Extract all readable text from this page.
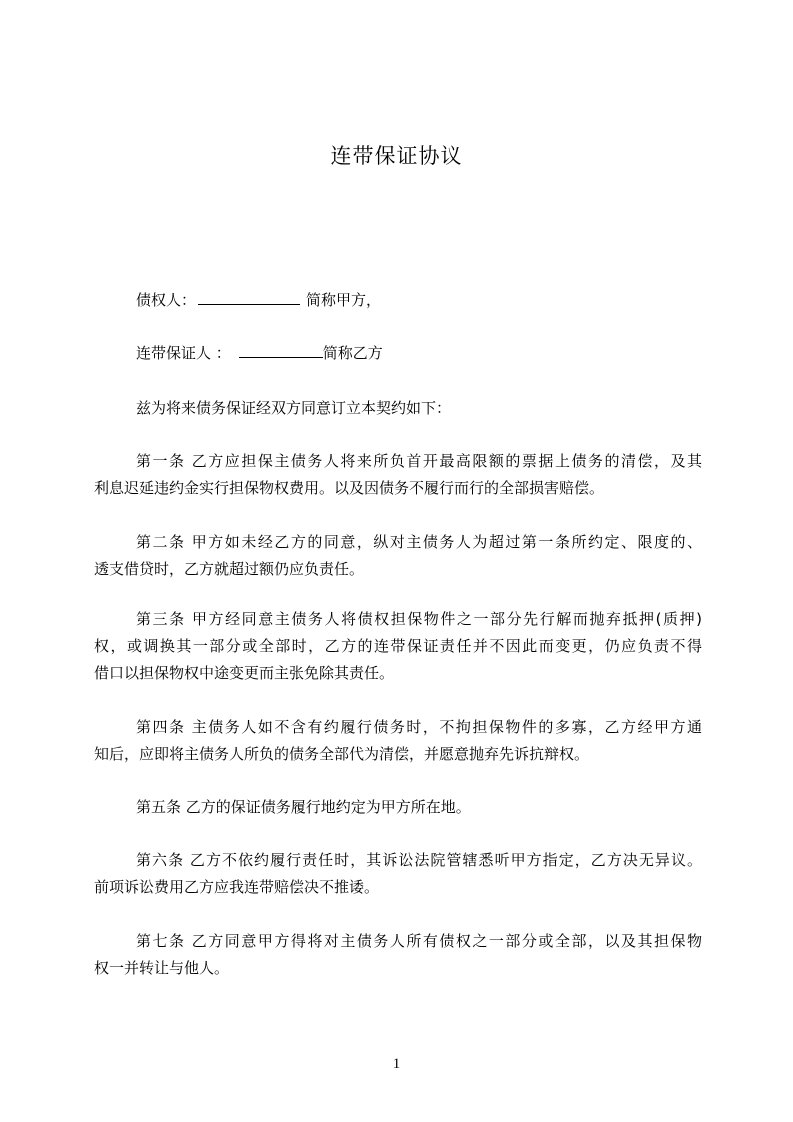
连带保证协议
债权人：	简称甲方，
连带保证人 ：	简称乙方
兹为将来债务保证经双方同意订立本契约如下：
第一条 乙方应担保主债务人将来所负首开最高限额的票据上债务的清偿，及其
利息迟延违约金实行担保物权费用。以及因债务不履行而行的全部损害赔偿。
第二条 甲方如未经乙方的同意，纵对主债务人为超过第一条所约定、限度的、
透支借贷时，乙方就超过额仍应负责任。
第三条 甲方经同意主债务人将债权担保物件之一部分先行解而抛弃抵押(质押)
权，或调换其一部分或全部时，乙方的连带保证责任并不因此而变更，仍应负责不得
借口以担保物权中途变更而主张免除其责任。
第四条 主债务人如不含有约履行债务时，不拘担保物件的多寡，乙方经甲方通
知后，应即将主债务人所负的债务全部代为清偿，并愿意抛弃先诉抗辩权。
第五条 乙方的保证债务履行地约定为甲方所在地。
第六条 乙方不依约履行责任时，其诉讼法院管辖悉听甲方指定，乙方决无异议。
前项诉讼费用乙方应我连带赔偿决不推诿。
第七条 乙方同意甲方得将对主债务人所有债权之一部分或全部，以及其担保物
权一并转让与他人。
1
